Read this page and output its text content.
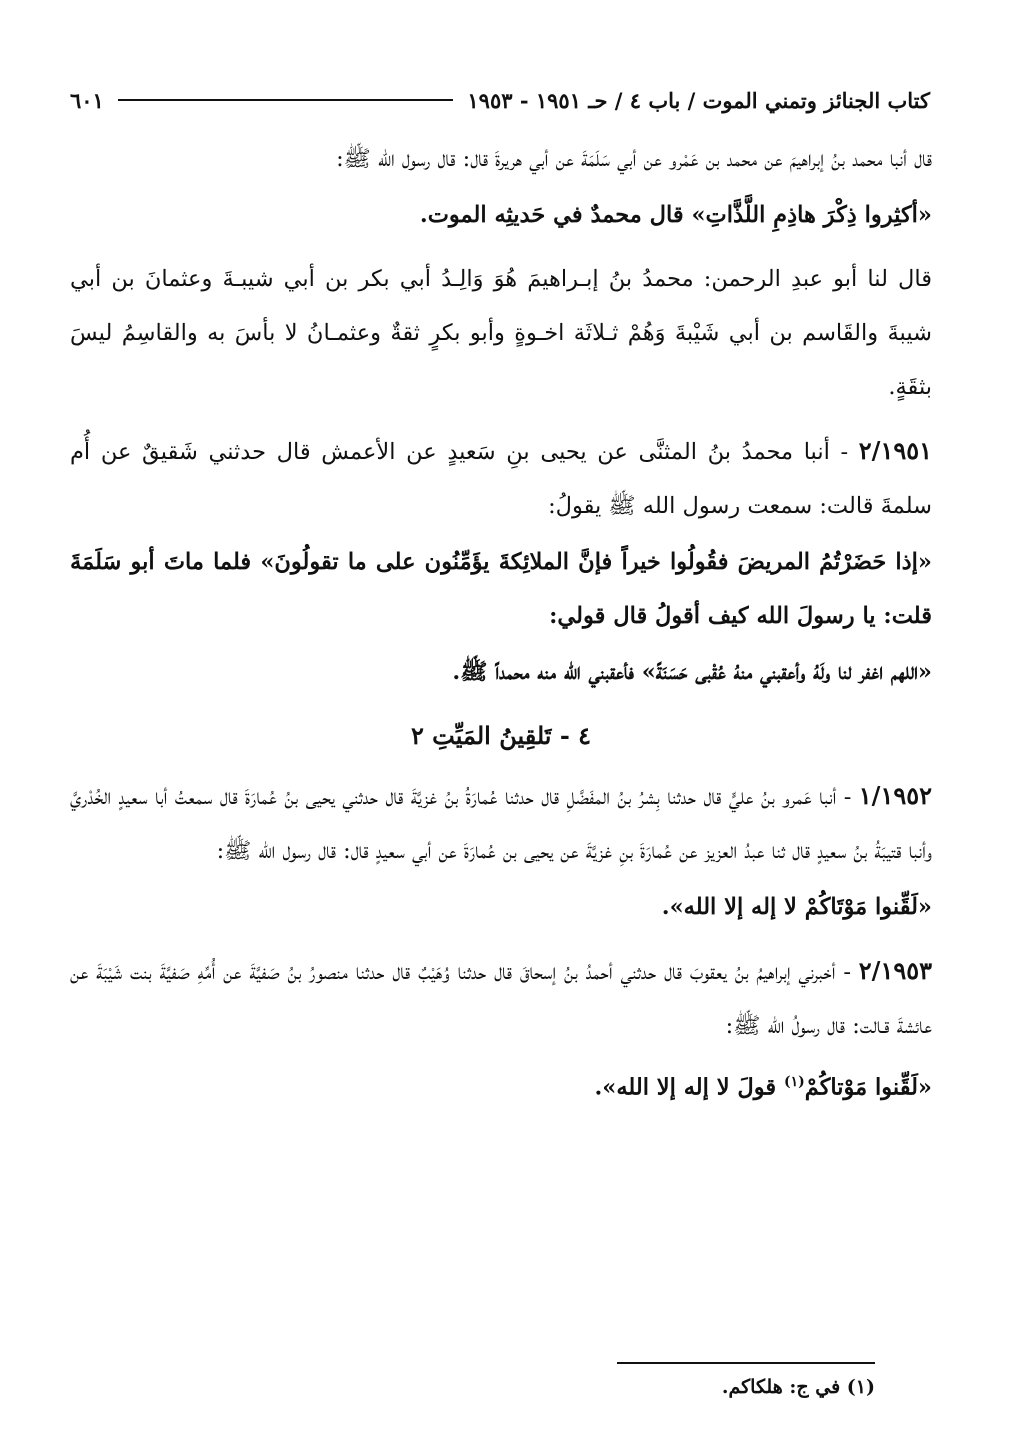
كتاب الجنائز وتمني الموت / باب ٤ / حـ ١٩٥١ - ١٩٥٣
٦٠١

قال أنبا محمد بنُ إبراهيمَ عن محمد بن عَمْرو عن أبي سَلَمَةَ عن أبي هريرةَ قال: قال رسول الله ﷺ:

«أكثِروا ذِكْرَ هاذِمِ اللَّذَّاتِ» قال محمدٌ في حَديثِه الموت.

قال لنا أبو عبدِ الرحمن: محمدُ بنُ إبـراهيمَ هُوَ وَالِـدُ أبي بكر بن أبي شيبـةَ وعثمانَ بن أبي شيبةَ والقَاسم بن أبي شَيْبةَ وَهُمْ ثـلاثَة اخـوةٍ وأبو بكرٍ ثقةٌ وعثمـانُ لا بأسَ به والقاسِمُ ليسَ بثقَةٍ.

٢/١٩٥١ - أنبا محمدُ بنُ المثنَّى عن يحيى بنِ سَعيدٍ عن الأعمش قال حدثني شَقيقٌ عن أُم سلمةَ قالت: سمعت رسول الله ﷺ يقولُ:

«إذا حَضَرْتُمُ المريضَ فقُولُوا خيراً فإنَّ الملائِكةَ يؤَمِّنُون على ما تقولُونَ» فلما ماتَ أبو سَلَمَةَ قلت: يا رسولَ الله كيف أقولُ قال قولي:

«اللهم اغفر لنا ولَهُ وأعقبني منهُ عُقْبى حَسَنَةً» فأعقبني الله منه محمداً ﷺ.

٤ - تَلقِينُ المَيِّتِ ٢

١/١٩٥٢ - أنبا عَمرو بنُ عليٍّ قال حدثنا بِشرُ بنُ المفَضَّلِ قال حدثنا عُمارَةُ بنُ غزيَّةَ قال حدثني يحيى بنُ عُمارَةَ قال سمعتُ أبا سعيدٍ الخُدْريَّ وأنبا قتيبَةُ بنُ سعيدٍ قال ثنا عبدُ العزيز عن عُمارَةَ بنِ غزيَّةَ عن يحيى بن عُمارَةَ عن أبي سعيدٍ قال: قال رسول الله ﷺ:

«لَقِّنوا مَوْتَاكُمْ لا إله إلا الله».

٢/١٩٥٣ - أخبرني إبراهيمُ بنُ يعقوبَ قال حدثني أحمدُ بنُ إسحاقَ قال حدثنا وُهَيْبٌ قال حدثنا منصورُ بنُ صَفيَّةَ عن أُمِّهِ صَفيَّةَ بنت شَيْبَةَ عن عائشةَ قـالت: قال رسولُ الله ﷺ:

«لَقِّنوا مَوْتاكُمْ$^{(١)}$ قولَ لا إله إلا الله».

(١) في ج: هلكاكم.
